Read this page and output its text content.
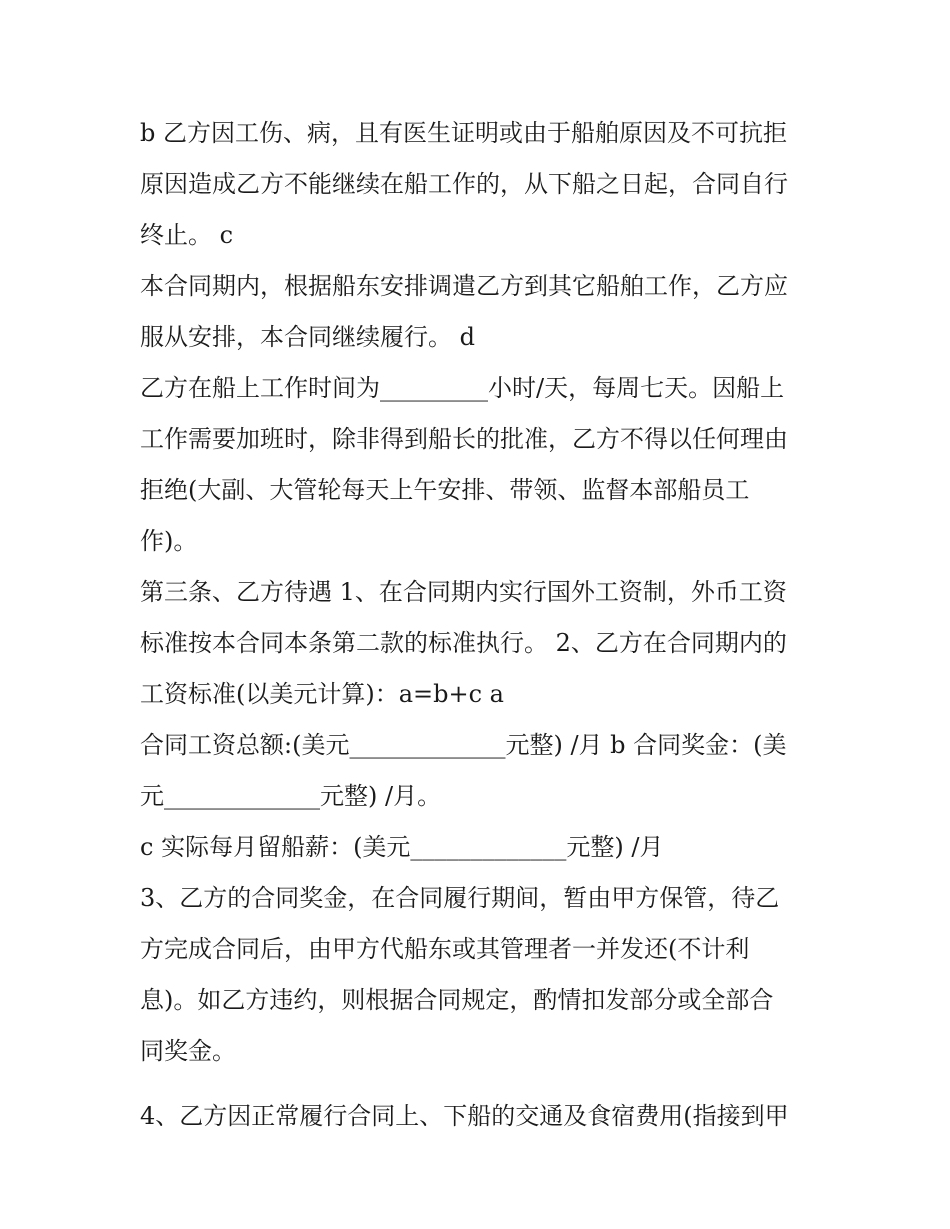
b 乙方因工伤、病，且有医生证明或由于船舶原因及不可抗拒
原因造成乙方不能继续在船工作的，从下船之日起，合同自行
终止。 c
本合同期内，根据船东安排调遣乙方到其它船舶工作，乙方应
服从安排，本合同继续履行。 d
乙方在船上工作时间为_________小时/天，每周七天。因船上
工作需要加班时，除非得到船长的批准，乙方不得以任何理由
拒绝(大副、大管轮每天上午安排、带领、监督本部船员工
作)。
第三条、乙方待遇 1、在合同期内实行国外工资制，外币工资
标准按本合同本条第二款的标准执行。 2、乙方在合同期内的
工资标准(以美元计算)：a=b+c a
合同工资总额:(美元_____________元整) /月 b 合同奖金：(美
元_____________元整) /月。
c 实际每月留船薪：(美元_____________元整) /月
3、乙方的合同奖金，在合同履行期间，暂由甲方保管，待乙
方完成合同后，由甲方代船东或其管理者一并发还(不计利
息)。如乙方违约，则根据合同规定，酌情扣发部分或全部合
同奖金。
4、乙方因正常履行合同上、下船的交通及食宿费用(指接到甲
